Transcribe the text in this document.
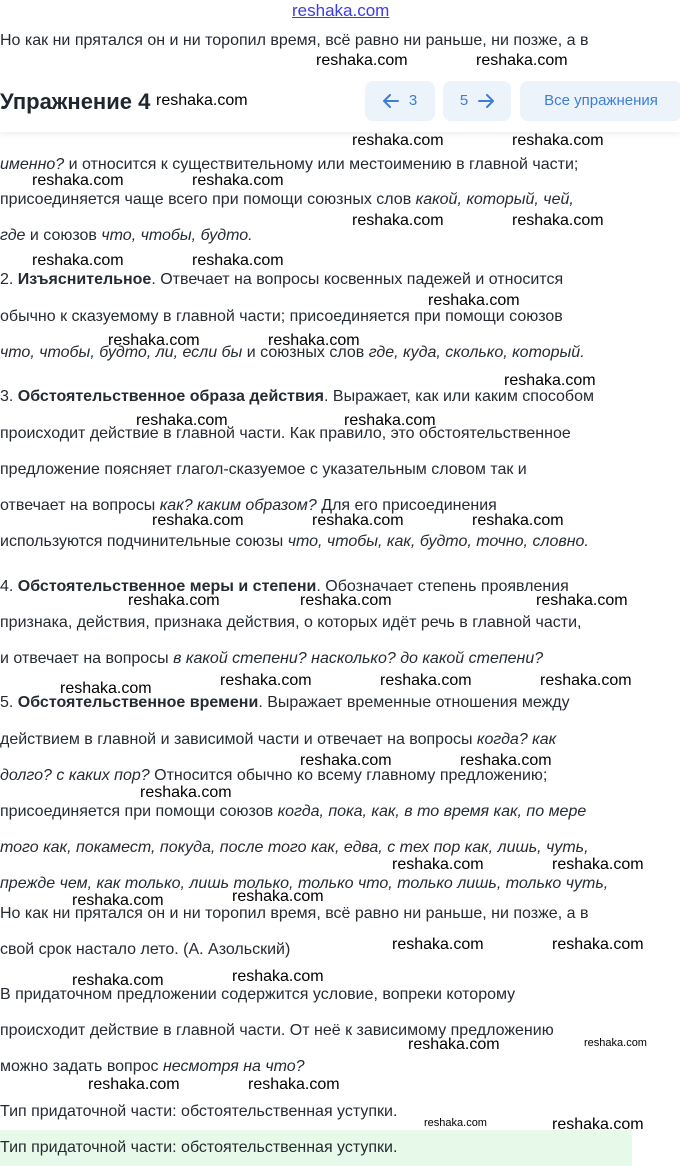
reshaka.com
Но как ни прятался он и ни торопил время, всё равно ни раньше, ни позже, а в
Упражнение 4	3	5	Все упражнения
именно? и относится к существительному или местоимению в главной части;
присоединяется чаще всего при помощи союзных слов какой, который, чей,
где и союзов что, чтобы, будто.
2. Изъяснительное. Отвечает на вопросы косвенных падежей и относится
обычно к сказуемому в главной части; присоединяется при помощи союзов
что, чтобы, будто, ли, если бы и союзных слов где, куда, сколько, который.
3. Обстоятельственное образа действия. Выражает, как или каким способом
происходит действие в главной части. Как правило, это обстоятельственное
предложение поясняет глагол-сказуемое с указательным словом так и
отвечает на вопросы как? каким образом? Для его присоединения
используются подчинительные союзы что, чтобы, как, будто, точно, словно.
4. Обстоятельственное меры и степени. Обозначает степень проявления
признака, действия, признака действия, о которых идёт речь в главной части,
и отвечает на вопросы в какой степени? насколько? до какой степени?
5. Обстоятельственное времени. Выражает временные отношения между
действием в главной и зависимой части и отвечает на вопросы когда? как
долго? с каких пор? Относится обычно ко всему главному предложению;
присоединяется при помощи союзов когда, пока, как, в то время как, по мере
того как, покамест, покуда, после того как, едва, с тех пор как, лишь, чуть,
прежде чем, как только, лишь только, только что, только лишь, только чуть,
Но как ни прятался он и ни торопил время, всё равно ни раньше, ни позже, а в
свой срок настало лето. (А. Азольский)
В придаточном предложении содержится условие, вопреки которому
происходит действие в главной части. От неё к зависимому предложению
можно задать вопрос несмотря на что?
Тип придаточной части: обстоятельственная уступки.
Тип придаточной части: обстоятельственная уступки.
reshaka.com	reshaka.com
reshaka.com
reshaka.com	reshaka.com
reshaka.com	reshaka.com
reshaka.com	reshaka.com
reshaka.com	reshaka.com
reshaka.com
reshaka.com	reshaka.com
reshaka.com
reshaka.com	reshaka.com
reshaka.com	reshaka.com	reshaka.com
reshaka.com	reshaka.com	reshaka.com
reshaka.com	reshaka.com	reshaka.com	reshaka.com
reshaka.com	reshaka.com
reshaka.com
reshaka.com	reshaka.com
reshaka.com	reshaka.com
reshaka.com	reshaka.com
reshaka.com	reshaka.com
reshaka.com	reshaka.com
reshaka.com	reshaka.com
reshaka.com	reshaka.com
